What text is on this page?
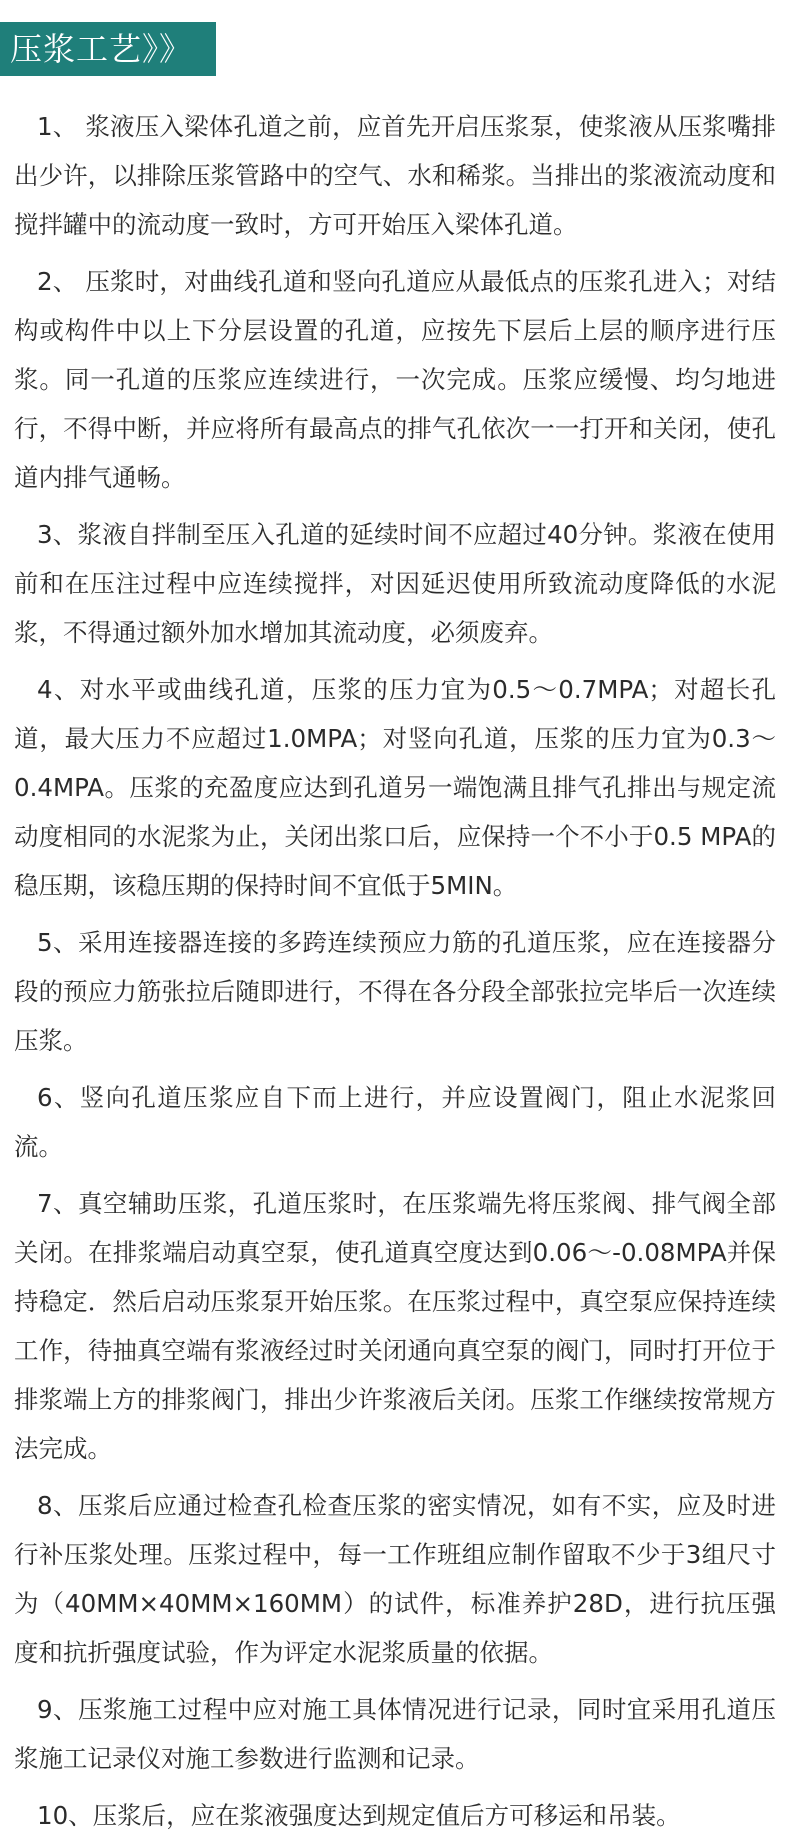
压浆工艺》》

1、 浆液压入梁体孔道之前，应首先开启压浆泵，使浆液从压浆嘴排出少许，以排除压浆管路中的空气、水和稀浆。当排出的浆液流动度和搅拌罐中的流动度一致时，方可开始压入梁体孔道。

2、 压浆时，对曲线孔道和竖向孔道应从最低点的压浆孔进入；对结构或构件中以上下分层设置的孔道，应按先下层后上层的顺序进行压浆。同一孔道的压浆应连续进行，一次完成。压浆应缓慢、均匀地进行，不得中断，并应将所有最高点的排气孔依次一一打开和关闭，使孔道内排气通畅。

3、浆液自拌制至压入孔道的延续时间不应超过40分钟。浆液在使用前和在压注过程中应连续搅拌，对因延迟使用所致流动度降低的水泥浆，不得通过额外加水增加其流动度，必须废弃。

4、对水平或曲线孔道，压浆的压力宜为0.5～0.7MPA；对超长孔道，最大压力不应超过1.0MPA；对竖向孔道，压浆的压力宜为0.3～0.4MPA。压浆的充盈度应达到孔道另一端饱满且排气孔排出与规定流动度相同的水泥浆为止，关闭出浆口后，应保持一个不小于0.5 MPA的稳压期，该稳压期的保持时间不宜低于5MIN。

5、采用连接器连接的多跨连续预应力筋的孔道压浆，应在连接器分段的预应力筋张拉后随即进行，不得在各分段全部张拉完毕后一次连续压浆。

6、竖向孔道压浆应自下而上进行，并应设置阀门，阻止水泥浆回流。

7、真空辅助压浆，孔道压浆时，在压浆端先将压浆阀、排气阀全部关闭。在排浆端启动真空泵，使孔道真空度达到0.06～-0.08MPA并保持稳定．然后启动压浆泵开始压浆。在压浆过程中，真空泵应保持连续工作，待抽真空端有浆液经过时关闭通向真空泵的阀门，同时打开位于排浆端上方的排浆阀门，排出少许浆液后关闭。压浆工作继续按常规方法完成。

8、压浆后应通过检查孔检查压浆的密实情况，如有不实，应及时进行补压浆处理。压浆过程中，每一工作班组应制作留取不少于3组尺寸为（40MM×40MM×160MM）的试件，标准养护28D，进行抗压强度和抗折强度试验，作为评定水泥浆质量的依据。

9、压浆施工过程中应对施工具体情况进行记录，同时宜采用孔道压浆施工记录仪对施工参数进行监测和记录。

10、压浆后，应在浆液强度达到规定值后方可移运和吊装。
